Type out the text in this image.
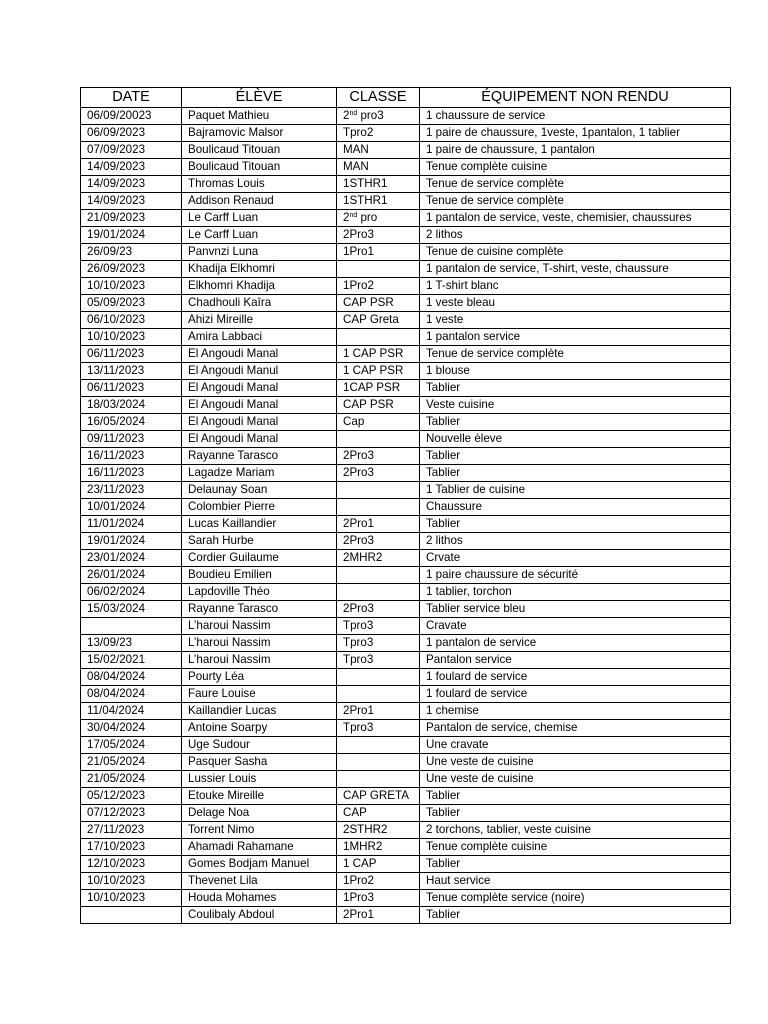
DATE	ÉLÈVE	CLASSE	ÉQUIPEMENT NON RENDU
06/09/20023	Paquet Mathieu	2nd pro3	1 chaussure de service
06/09/2023	Bajramovic Malsor	Tpro2	1 paire de chaussure, 1veste, 1pantalon, 1 tablier
07/09/2023	Boulicaud Titouan	MAN	1 paire de chaussure, 1 pantalon
14/09/2023	Boulicaud Titouan	MAN	Tenue complète cuisine
14/09/2023	Thromas Louis	1STHR1	Tenue de service complète
14/09/2023	Addison Renaud	1STHR1	Tenue de service complète
21/09/2023	Le Carff Luan	2nd pro	1 pantalon de service, veste, chemisier, chaussures
19/01/2024	Le Carff Luan	2Pro3	2 lithos
26/09/23	Panvnzi Luna	1Pro1	Tenue de cuisine complète
26/09/2023	Khadija Elkhomri		1 pantalon de service, T-shirt, veste, chaussure
10/10/2023	Elkhomri Khadija	1Pro2	1 T-shirt blanc
05/09/2023	Chadhouli Kaîra	CAP PSR	1 veste bleau
06/10/2023	Ahizi Mireille	CAP Greta	1 veste
10/10/2023	Amira Labbaci		1 pantalon service
06/11/2023	El Angoudi Manal	1 CAP PSR	Tenue de service complète
13/11/2023	El Angoudi Manul	1 CAP PSR	1 blouse
06/11/2023	El Angoudi Manal	1CAP PSR	Tablier
18/03/2024	El Angoudi Manal	CAP PSR	Veste cuisine
16/05/2024	El Angoudi Manal	Cap	Tablier
09/11/2023	El Angoudi Manal		Nouvelle èleve
16/11/2023	Rayanne Tarasco	2Pro3	Tablier
16/11/2023	Lagadze Mariam	2Pro3	Tablier
23/11/2023	Delaunay Soan		1 Tablier de cuisine
10/01/2024	Colombier Pierre		Chaussure
11/01/2024	Lucas Kaillandier	2Pro1	Tablier
19/01/2024	Sarah Hurbe	2Pro3	2 lithos
23/01/2024	Cordier Guilaume	2MHR2	Crvate
26/01/2024	Boudieu Emilien		1 paire chaussure de sécurité
06/02/2024	Lapdoville Théo		1 tablier, torchon
15/03/2024	Rayanne Tarasco	2Pro3	Tablier service bleu
	L’haroui Nassim	Tpro3	Cravate
13/09/23	L’haroui Nassim	Tpro3	1 pantalon de service
15/02/2021	L’haroui Nassim	Tpro3	Pantalon service
08/04/2024	Pourty Léa		1 foulard de service
08/04/2024	Faure Louise		1 foulard de service
11/04/2024	Kaillandier Lucas	2Pro1	1 chemise
30/04/2024	Antoine Soarpy	Tpro3	Pantalon de service, chemise
17/05/2024	Uge Sudour		Une cravate
21/05/2024	Pasquer Sasha		Une veste de cuisine
21/05/2024	Lussier Louis		Une veste de cuisine
05/12/2023	Etouke Mireille	CAP GRETA	Tablier
07/12/2023	Delage Noa	CAP	Tablier
27/11/2023	Torrent Nimo	2STHR2	2 torchons, tablier, veste cuisine
17/10/2023	Ahamadi Rahamane	1MHR2	Tenue complète cuisine
12/10/2023	Gomes Bodjam Manuel	1 CAP	Tablier
10/10/2023	Thevenet Lila	1Pro2	Haut service
10/10/2023	Houda Mohames	1Pro3	Tenue complète service (noire)
	Coulibaly Abdoul	2Pro1	Tablier
